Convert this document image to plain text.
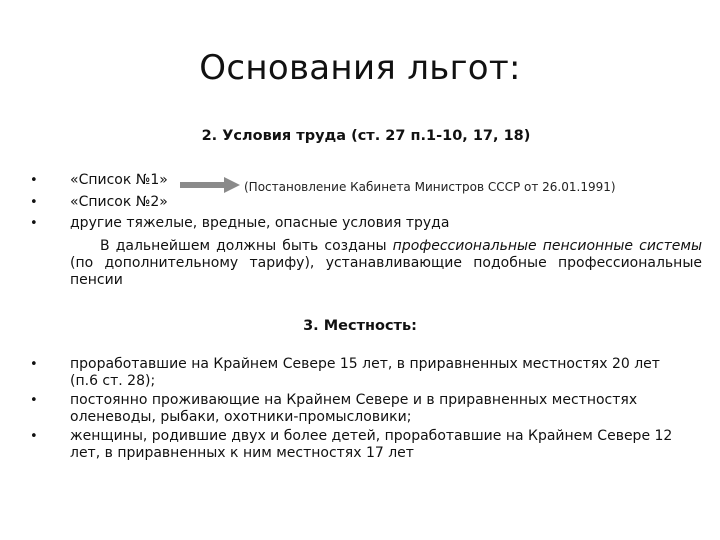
Основания льгот:
2. Условия труда (ст. 27 п.1-10, 17, 18)
• «Список №1»	(Постановление Кабинета Министров СССР от 26.01.1991)
• «Список №2»
• другие тяжелые, вредные, опасные условия труда
В дальнейшем должны быть созданы профессиональные пенсионные системы (по дополнительному тарифу), устанавливающие подобные профессиональные пенсии
3. Местность:
• проработавшие на Крайнем Севере 15 лет, в приравненных местностях 20 лет (п.6 ст. 28);
• постоянно проживающие на Крайнем Севере и в приравненных местностях оленеводы, рыбаки, охотники-промысловики;
• женщины, родившие двух и более детей, проработавшие на Крайнем Севере 12 лет, в приравненных к ним местностях 17 лет
